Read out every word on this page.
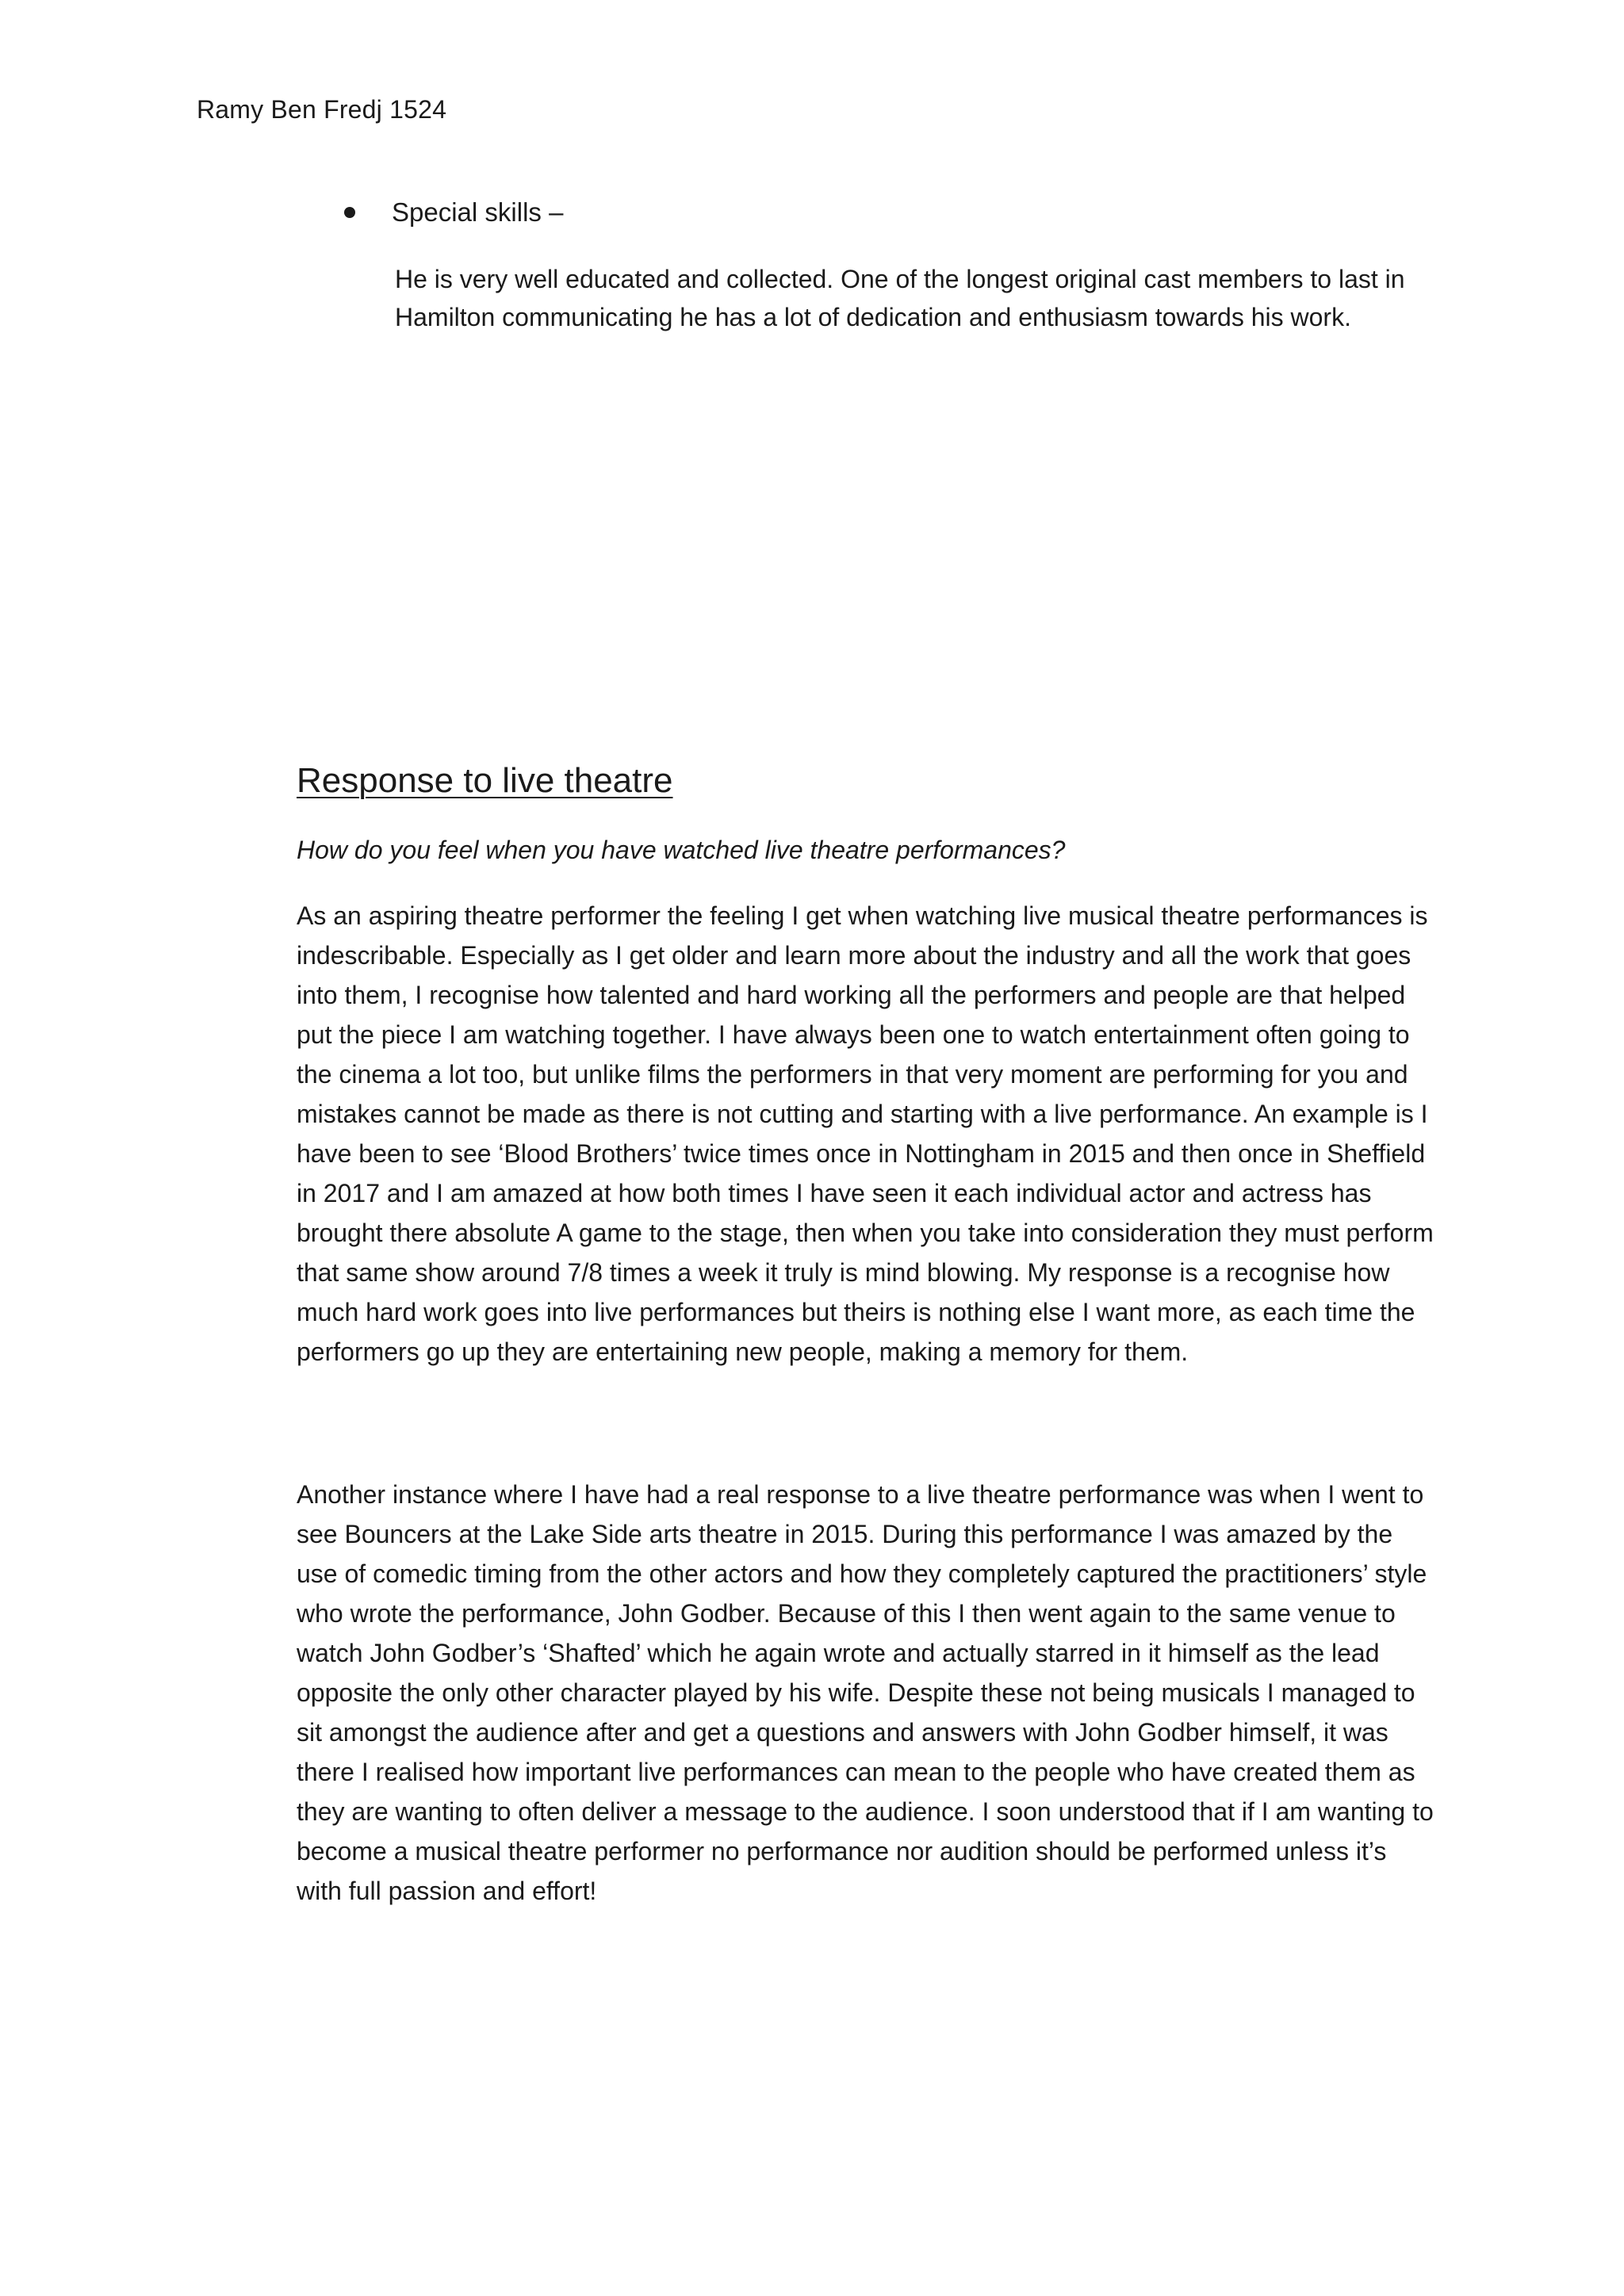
Ramy Ben Fredj 1524
Special skills –
He is very well educated and collected. One of the longest original cast members to last in Hamilton communicating he has a lot of dedication and enthusiasm towards his work.
Response to live theatre
How do you feel when you have watched live theatre performances?
As an aspiring theatre performer the feeling I get when watching live musical theatre performances is indescribable. Especially as I get older and learn more about the industry and all the work that goes into them, I recognise how talented and hard working all the performers and people are that helped put the piece I am watching together. I have always been one to watch entertainment often going to the cinema a lot too, but unlike films the performers in that very moment are performing for you and mistakes cannot be made as there is not cutting and starting with a live performance. An example is I have been to see ‘Blood Brothers’ twice times once in Nottingham in 2015 and then once in Sheffield in 2017 and I am amazed at how both times I have seen it each individual actor and actress has brought there absolute A game to the stage, then when you take into consideration they must perform that same show around 7/8 times a week it truly is mind blowing. My response is a recognise how much hard work goes into live performances but theirs is nothing else I want more, as each time the performers go up they are entertaining new people, making a memory for them.
Another instance where I have had a real response to a live theatre performance was when I went to see Bouncers at the Lake Side arts theatre in 2015. During this performance I was amazed by the use of comedic timing from the other actors and how they completely captured the practitioners’ style who wrote the performance, John Godber. Because of this I then went again to the same venue to watch John Godber’s ‘Shafted’ which he again wrote and actually starred in it himself as the lead opposite the only other character played by his wife. Despite these not being musicals I managed to sit amongst the audience after and get a questions and answers with John Godber himself, it was there I realised how important live performances can mean to the people who have created them as they are wanting to often deliver a message to the audience. I soon understood that if I am wanting to become a musical theatre performer no performance nor audition should be performed unless it’s with full passion and effort!
